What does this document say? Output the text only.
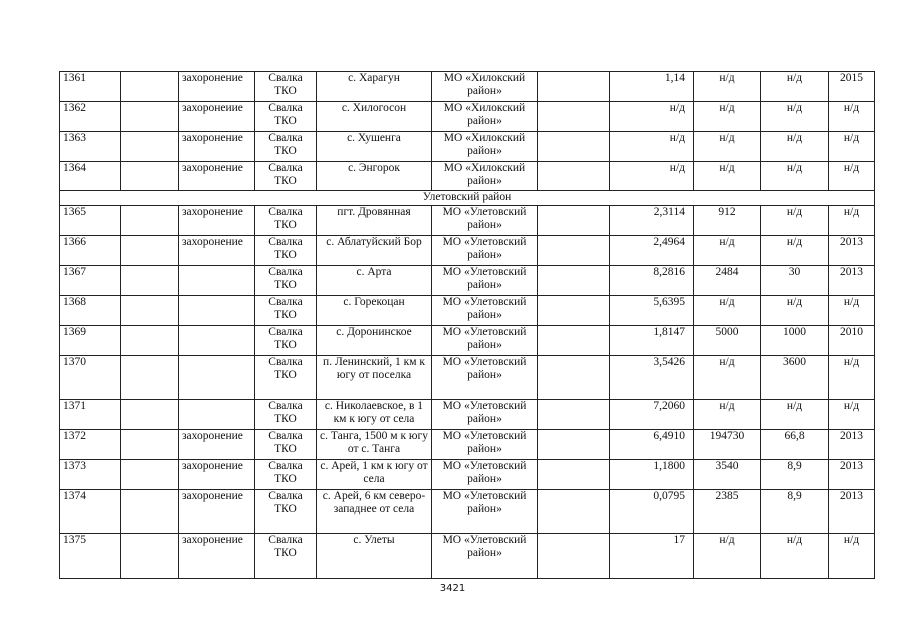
1361		захоронение	Свалка ТКО	с. Харагун	МО «Хилокский район»		1,14	н/д	н/д	2015
1362		захоронеиие	Свалка ТКО	с. Хилогосон	МО «Хилокский район»		н/д	н/д	н/д	н/д
1363		захоронение	Свалка ТКО	с. Хушенга	МО «Хилокский район»		н/д	н/д	н/д	н/д
1364		захоронение	Свалка ТКО	с. Энгорок	МО «Хилокский район»		н/д	н/д	н/д	н/д
Улетовский район										
1365		захоронение	Свалка ТКО	пгт. Дровянная	МО «Улетовский район»		2,3114	912	н/д	н/д
1366		захоронение	Свалка ТКО	с. Аблатуйский Бор	МО «Улетовский район»		2,4964	н/д	н/д	2013
1367			Свалка ТКО	с. Арта	МО «Улетовский район»		8,2816	2484	30	2013
1368			Свалка ТКО	с. Горекоцан	МО «Улетовский район»		5,6395	н/д	н/д	н/д
1369			Свалка ТКО	с. Доронинское	МО «Улетовский район»		1,8147	5000	1000	2010
1370			Свалка ТКО	п. Ленинский, 1 км к югу от поселка	МО «Улетовский район»		3,5426	н/д	3600	н/д
1371			Свалка ТКО	с. Николаевское, в 1 км к югу от села	МО «Улетовский район»		7,2060	н/д	н/д	н/д
1372		захоронение	Свалка ТКО	с. Танга, 1500 м к югу от с. Танга	МО «Улетовский район»		6,4910	194730	66,8	2013
1373		захоронение	Свалка ТКО	с. Арей, 1 км к югу от села	МО «Улетовский район»		1,1800	3540	8,9	2013
1374		захоронение	Свалка ТКО	с. Арей, 6 км северо-западнее от села	МО «Улетовский район»		0,0795	2385	8,9	2013
1375		захоронение	Свалка ТКО	с. Улеты	МО «Улетовский район»		17	н/д	н/д	н/д
3421
